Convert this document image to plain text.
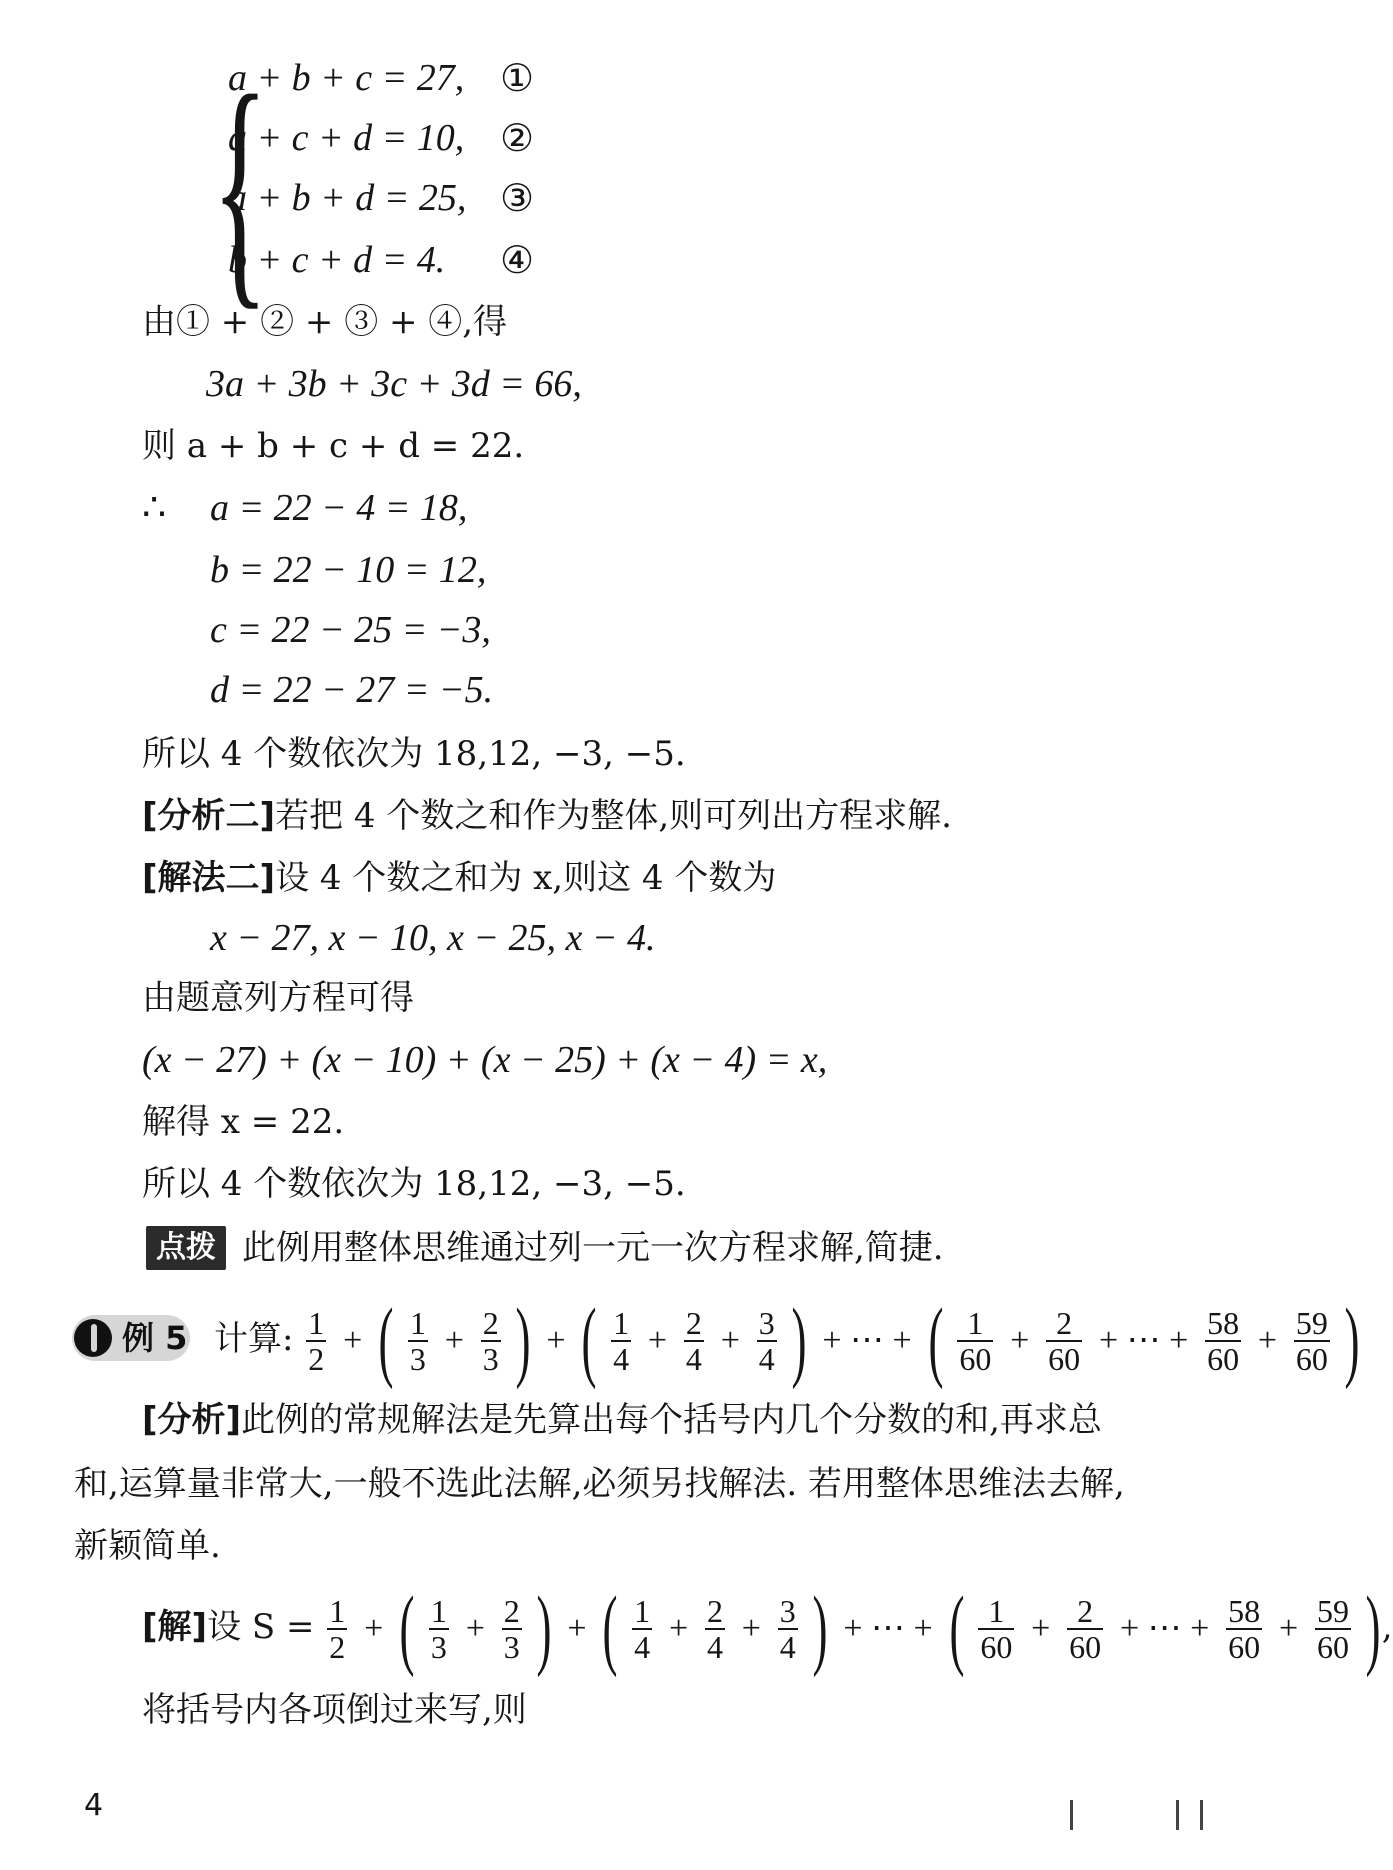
{
a + b + c = 27, ①
a + c + d = 10, ②
a + b + d = 25, ③
b + c + d = 4. ④
由① + ② + ③ + ④,得
3a + 3b + 3c + 3d = 66,
则 a + b + c + d = 22.
∴ a = 22 − 4 = 18,
b = 22 − 10 = 12,
c = 22 − 25 = −3,
d = 22 − 27 = −5.
所以 4 个数依次为 18,12, −3, −5.
[分析二]若把 4 个数之和作为整体,则可列出方程求解.
[解法二]设 4 个数之和为 x,则这 4 个数为
x − 27, x − 10, x − 25, x − 4.
由题意列方程可得
(x − 27) + (x − 10) + (x − 25) + (x − 4) = x,
解得 x = 22.
所以 4 个数依次为 18,12, −3, −5.
点拨 此例用整体思维通过列一元一次方程求解,简捷.
例 5 计算: $\frac{1}{2}$ + ( $\frac{1}{3} + \frac{2}{3}$ ) + ( $\frac{1}{4} + \frac{2}{4} + \frac{3}{4}$ ) + ⋯ + ( $\frac{1}{60} + \frac{2}{60}$ + ⋯ + $\frac{58}{60} + \frac{59}{60}$ )
[分析]此例的常规解法是先算出每个括号内几个分数的和,再求总
和,运算量非常大,一般不选此法解,必须另找解法. 若用整体思维法去解,
新颖简单.
[解]设 $S = \frac{1}{2}$ + ( $\frac{1}{3} + \frac{2}{3}$ ) + ( $\frac{1}{4} + \frac{2}{4} + \frac{3}{4}$ ) + ⋯ + ( $\frac{1}{60} + \frac{2}{60}$ + ⋯ + $\frac{58}{60} + \frac{59}{60}$ ),
将括号内各项倒过来写,则
4
